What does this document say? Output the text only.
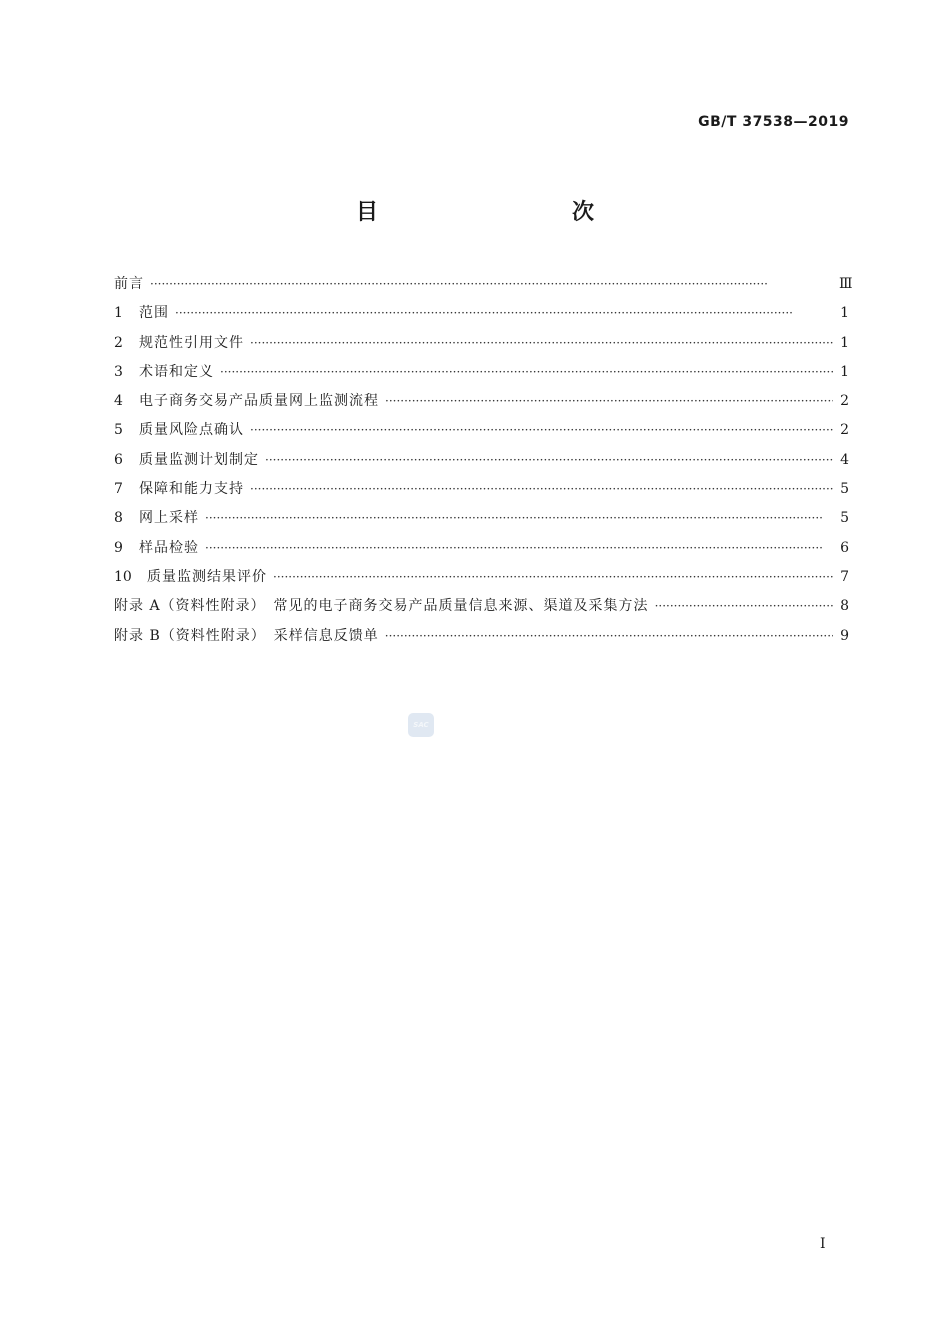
GB/T 37538—2019
目　　次
前言 ·····	Ⅲ
1	范围 ·····	1
2	规范性引用文件 ·····	1
3	术语和定义 ·····	1
4	电子商务交易产品质量网上监测流程 ·····	2
5	质量风险点确认 ·····	2
6	质量监测计划制定 ·····	4
7	保障和能力支持 ·····	5
8	网上采样 ·····	5
9	样品检验 ·····	6
10	质量监测结果评价 ·····	7
附录 A（资料性附录）　常见的电子商务交易产品质量信息来源、渠道及采集方法 ·····	8
附录 B（资料性附录）　采样信息反馈单 ·····	9
SAC
Ⅰ
